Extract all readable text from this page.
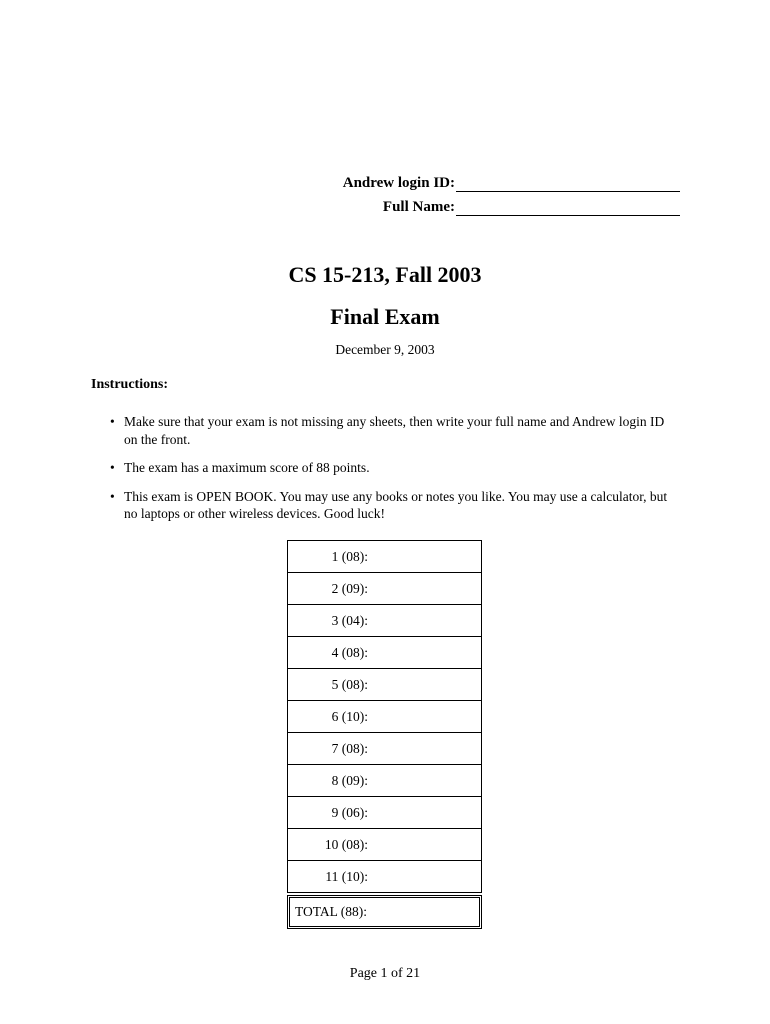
Andrew login ID:
Full Name:
CS 15-213, Fall 2003
Final Exam
December 9, 2003
Instructions:
• Make sure that your exam is not missing any sheets, then write your full name and Andrew login ID on the front.
• The exam has a maximum score of 88 points.
• This exam is OPEN BOOK. You may use any books or notes you like. You may use a calculator, but no laptops or other wireless devices. Good luck!
1 (08):
2 (09):
3 (04):
4 (08):
5 (08):
6 (10):
7 (08):
8 (09):
9 (06):
10 (08):
11 (10):
TOTAL (88):
Page 1 of 21
